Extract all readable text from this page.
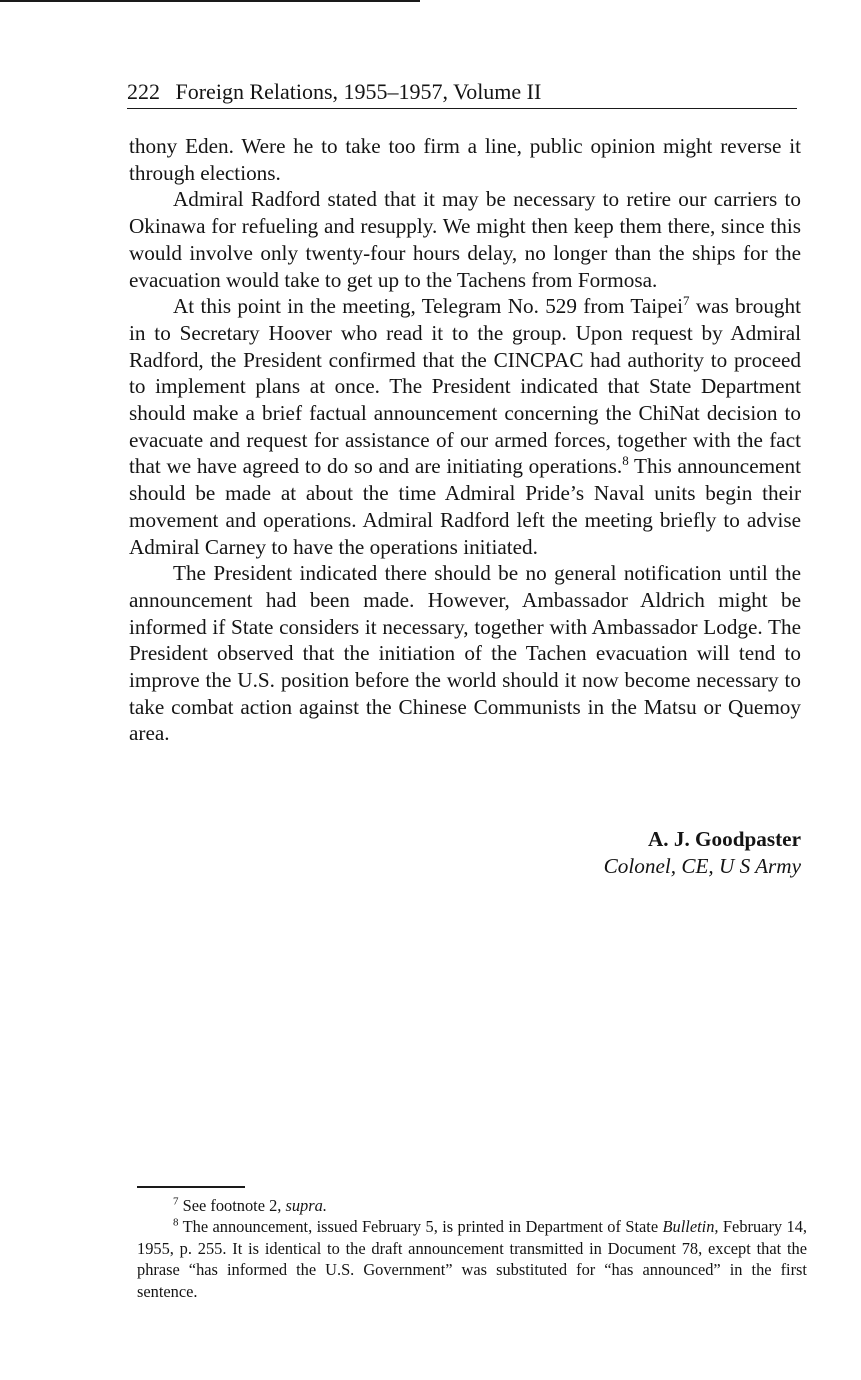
222 Foreign Relations, 1955–1957, Volume II

thony Eden. Were he to take too firm a line, public opinion might reverse it through elections.

Admiral Radford stated that it may be necessary to retire our carriers to Okinawa for refueling and resupply. We might then keep them there, since this would involve only twenty-four hours delay, no longer than the ships for the evacuation would take to get up to the Tachens from Formosa.

At this point in the meeting, Telegram No. 529 from Taipei$^7$ was brought in to Secretary Hoover who read it to the group. Upon request by Admiral Radford, the President confirmed that the CINCPAC had authority to proceed to implement plans at once. The President indicated that State Department should make a brief factual announcement concerning the ChiNat decision to evacuate and request for assistance of our armed forces, together with the fact that we have agreed to do so and are initiating operations.$^8$ This announcement should be made at about the time Admiral Pride’s Naval units begin their movement and operations. Admiral Radford left the meeting briefly to advise Admiral Carney to have the operations initiated.

The President indicated there should be no general notification until the announcement had been made. However, Ambassador Aldrich might be informed if State considers it necessary, together with Ambassador Lodge. The President observed that the initiation of the Tachen evacuation will tend to improve the U.S. position before the world should it now become necessary to take combat action against the Chinese Communists in the Matsu or Quemoy area.

A. J. Goodpaster
Colonel, CE, U S Army

$^7$ See footnote 2, supra.

$^8$ The announcement, issued February 5, is printed in Department of State Bulletin, February 14, 1955, p. 255. It is identical to the draft announcement transmitted in Document 78, except that the phrase “has informed the U.S. Government” was substituted for “has announced” in the first sentence.
